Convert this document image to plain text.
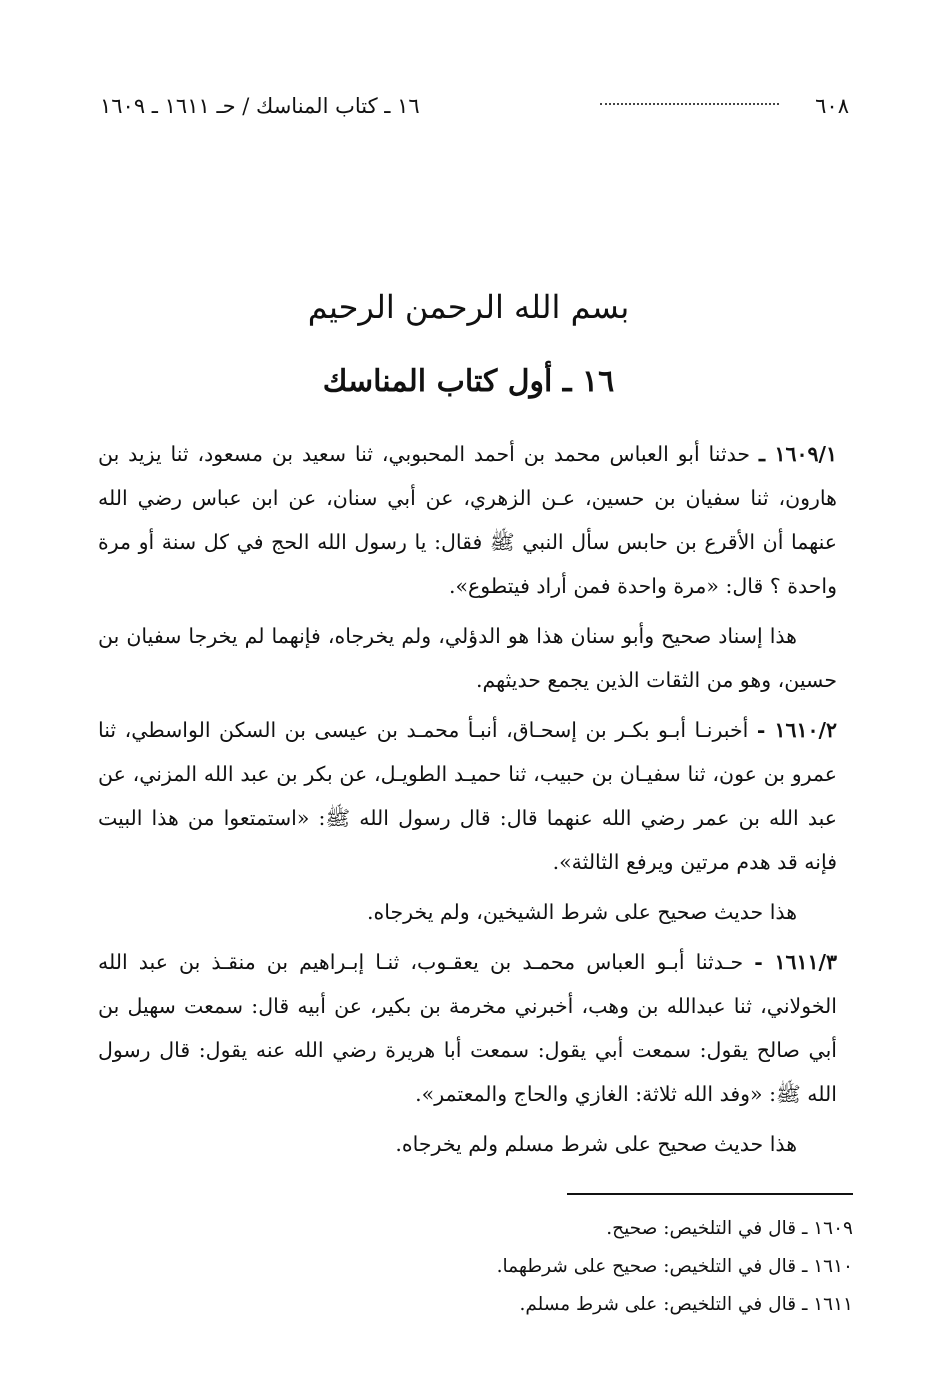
٦٠٨
١٦ ـ كتاب المناسك / حـ ١٦١١ ـ ١٦٠٩
بسم الله الرحمن الرحيم
١٦ ـ أول كتاب المناسك

١٦٠٩/١ ـ حدثنا أبو العباس محمد بن أحمد المحبوبي، ثنا سعيد بن مسعود، ثنا يزيد بن هارون، ثنا سفيان بن حسين، عـن الزهري، عن أبي سنان، عن ابن عباس رضي الله عنهما أن الأقرع بن حابس سأل النبي ﷺ فقال: يا رسول الله الحج في كل سنة أو مرة واحدة ؟ قال: «مرة واحدة فمن أراد فيتطوع».

هذا إسناد صحيح وأبو سنان هذا هو الدؤلي، ولم يخرجاه، فإنهما لم يخرجا سفيان بن حسين، وهو من الثقات الذين يجمع حديثهم.

١٦١٠/٢ - أخبرنـا أبـو بكـر بن إسحـاق، أنبـأ محمـد بن عيسى بن السكن الواسطي، ثنا عمرو بن عون، ثنا سفيـان بن حبيب، ثنا حميـد الطويـل، عن بكر بن عبد الله المزني، عن عبد الله بن عمر رضي الله عنهما قال: قال رسول الله ﷺ: «استمتعوا من هذا البيت فإنه قد هدم مرتين ويرفع الثالثة».

هذا حديث صحيح على شرط الشيخين، ولم يخرجاه.

١٦١١/٣ - حـدثنا أبـو العباس محمـد بن يعقـوب، ثنـا إبـراهيم بن منقـذ بن عبد الله الخولاني، ثنا عبدالله بن وهب، أخبرني مخرمة بن بكير، عن أبيه قال: سمعت سهيل بن أبي صالح يقول: سمعت أبي يقول: سمعت أبا هريرة رضي الله عنه يقول: قال رسول الله ﷺ: «وفد الله ثلاثة: الغازي والحاج والمعتمر».

هذا حديث صحيح على شرط مسلم ولم يخرجاه.

١٦٠٩ ـ قال في التلخيص: صحيح.
١٦١٠ ـ قال في التلخيص: صحيح على شرطهما.
١٦١١ ـ قال في التلخيص: على شرط مسلم.
